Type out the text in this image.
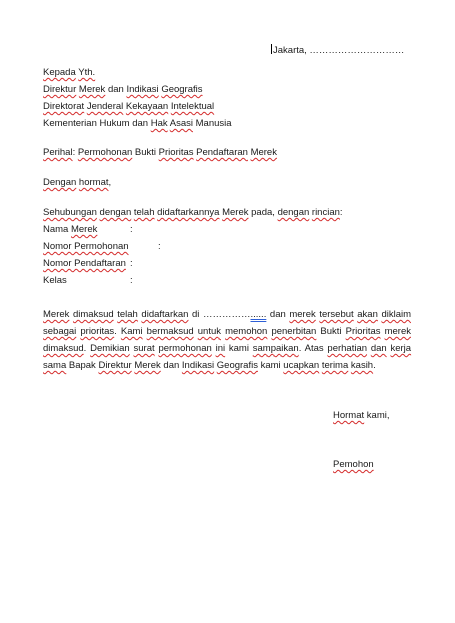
Jakarta, …………………………
Kepada Yth.
Direktur Merek dan Indikasi Geografis
Direktorat Jenderal Kekayaan Intelektual
Kementerian Hukum dan Hak Asasi Manusia
Perihal: Permohonan Bukti Prioritas Pendaftaran Merek
Dengan hormat,
Sehubungan dengan telah didaftarkannya Merek pada, dengan rincian:
Nama Merek	:
Nomor Permohonan	:
Nomor Pendaftaran :
Kelas	:
Merek dimaksud telah didaftarkan di ……………...... dan merek tersebut akan diklaim
sebagai prioritas. Kami bermaksud untuk memohon penerbitan Bukti Prioritas merek
dimaksud. Demikian surat permohonan ini kami sampaikan. Atas perhatian dan kerja
sama Bapak Direktur Merek dan Indikasi Geografis kami ucapkan terima kasih.
Hormat kami,
Pemohon
